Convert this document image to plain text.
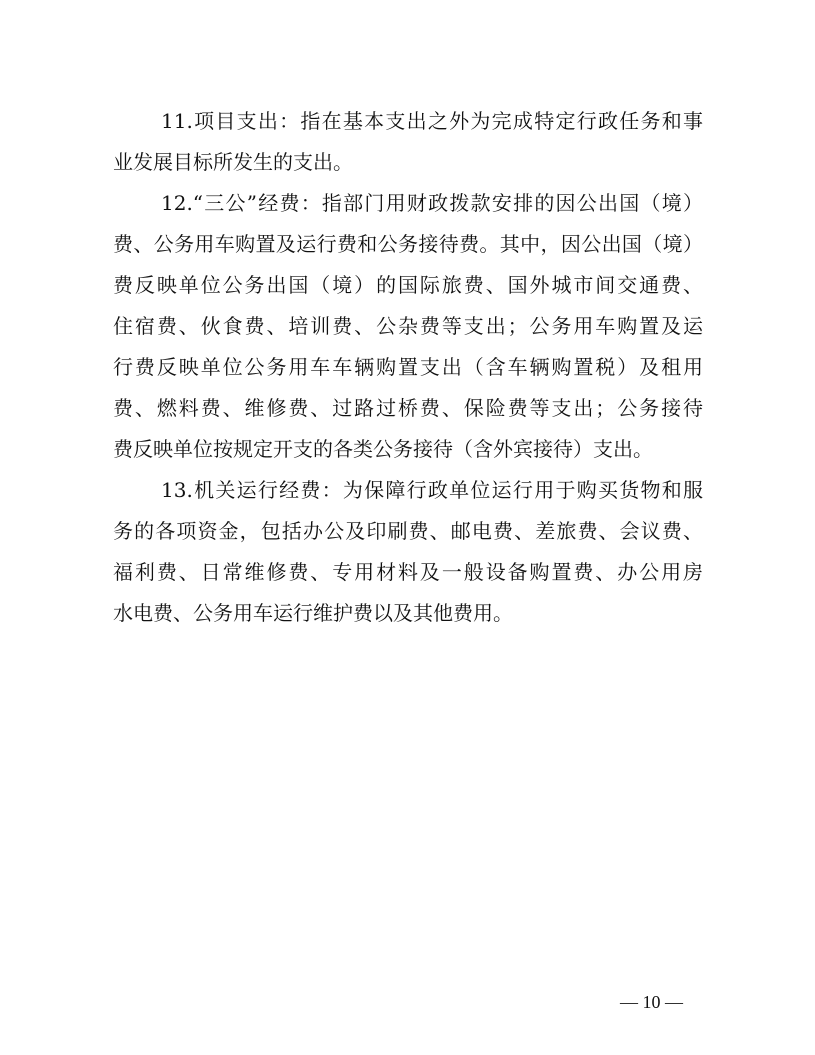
11.项目支出：指在基本支出之外为完成特定行政任务和事
业发展目标所发生的支出。
12.“三公”经费：指部门用财政拨款安排的因公出国（境）
费、公务用车购置及运行费和公务接待费。其中，因公出国（境）
费反映单位公务出国（境）的国际旅费、国外城市间交通费、
住宿费、伙食费、培训费、公杂费等支出；公务用车购置及运
行费反映单位公务用车车辆购置支出（含车辆购置税）及租用
费、燃料费、维修费、过路过桥费、保险费等支出；公务接待
费反映单位按规定开支的各类公务接待（含外宾接待）支出。
13.机关运行经费：为保障行政单位运行用于购买货物和服
务的各项资金，包括办公及印刷费、邮电费、差旅费、会议费、
福利费、日常维修费、专用材料及一般设备购置费、办公用房
水电费、公务用车运行维护费以及其他费用。
— 10 —
